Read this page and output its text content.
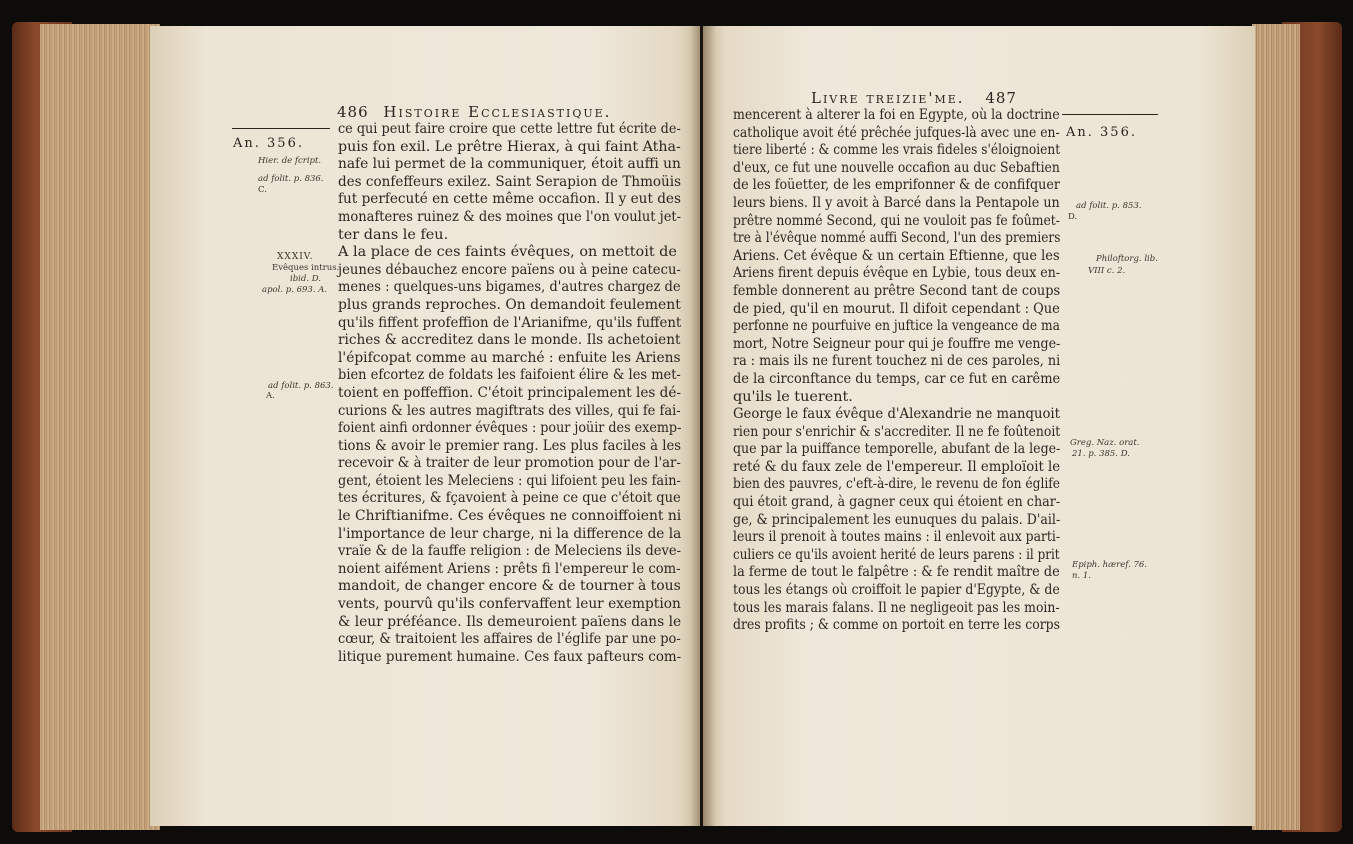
486 Histoire Ecclesiastique.
An. 356.
Hier. de fcript.
ad folit. p. 836.
C.
XXXIV.
Evêques intrus.
ibid. D.
apol. p. 693. A.
ad folit. p. 863.
A.
ce qui peut faire croire que cette lettre fut écrite de-
puis fon exil. Le prêtre Hierax, à qui faint Atha-
nafe lui permet de la communiquer, étoit auffi un
des confeffeurs exilez. Saint Serapion de Thmoüis
fut perfecuté en cette même occafion. Il y eut des
monafteres ruinez & des moines que l'on voulut jet-
ter dans le feu.
A la place de ces faints évêques, on mettoit de
jeunes débauchez encore païens ou à peine catecu-
menes : quelques-uns bigames, d'autres chargez de
plus grands reproches. On demandoit feulement
qu'ils fiffent profeffion de l'Arianifme, qu'ils fuffent
riches & accreditez dans le monde. Ils achetoient
l'épifcopat comme au marché : enfuite les Ariens
bien efcortez de foldats les faifoient élire & les met-
toient en poffeffion. C'étoit principalement les dé-
curions & les autres magiftrats des villes, qui fe fai-
foient ainfi ordonner évêques : pour joüir des exemp-
tions & avoir le premier rang. Les plus faciles à les
recevoir & à traiter de leur promotion pour de l'ar-
gent, étoient les Meleciens : qui lifoient peu les fain-
tes écritures, & fçavoient à peine ce que c'étoit que
le Chriftianifme. Ces évêques ne connoiffoient ni
l'importance de leur charge, ni la difference de la
vraïe & de la fauffe religion : de Meleciens ils deve-
noient aifément Ariens : prêts fi l'empereur le com-
mandoit, de changer encore & de tourner à tous
vents, pourvû qu'ils confervaffent leur exemption
& leur préféance. Ils demeuroient païens dans le
cœur, & traitoient les affaires de l'églife par une po-
litique purement humaine. Ces faux pafteurs com-
Livre treizie'me. 487
An. 356.
ad folit. p. 853.
D.
Philoftorg. lib.
VIII c. 2.
Greg. Naz. orat.
21. p. 385. D.
Epiph. hæref. 76.
n. 1.
mencerent à alterer la foi en Egypte, où la doctrine
catholique avoit été prêchée jufques-là avec une en-
tiere liberté : & comme les vrais fideles s'éloignoient
d'eux, ce fut une nouvelle occafion au duc Sebaftien
de les foüetter, de les emprifonner & de confifquer
leurs biens. Il y avoit à Barcé dans la Pentapole un
prêtre nommé Second, qui ne vouloit pas fe foûmet-
tre à l'évêque nommé auffi Second, l'un des premiers
Ariens. Cet évêque & un certain Eftienne, que les
Ariens firent depuis évêque en Lybie, tous deux en-
femble donnerent au prêtre Second tant de coups
de pied, qu'il en mourut. Il difoit cependant : Que
perfonne ne pourfuive en juftice la vengeance de ma
mort, Notre Seigneur pour qui je fouffre me venge-
ra : mais ils ne furent touchez ni de ces paroles, ni
de la circonftance du temps, car ce fut en carême
qu'ils le tuerent.
George le faux évêque d'Alexandrie ne manquoit
rien pour s'enrichir & s'accrediter. Il ne fe foûtenoit
que par la puiffance temporelle, abufant de la lege-
reté & du faux zele de l'empereur. Il emploïoit le
bien des pauvres, c'eft-à-dire, le revenu de fon églife
qui étoit grand, à gagner ceux qui étoient en char-
ge, & principalement les eunuques du palais. D'ail-
leurs il prenoit à toutes mains : il enlevoit aux parti-
culiers ce qu'ils avoient herité de leurs parens : il prit
la ferme de tout le falpêtre : & fe rendit maître de
tous les étangs où croiffoit le papier d'Egypte, & de
tous les marais falans. Il ne negligeoit pas les moin-
dres profits ; & comme on portoit en terre les corps
